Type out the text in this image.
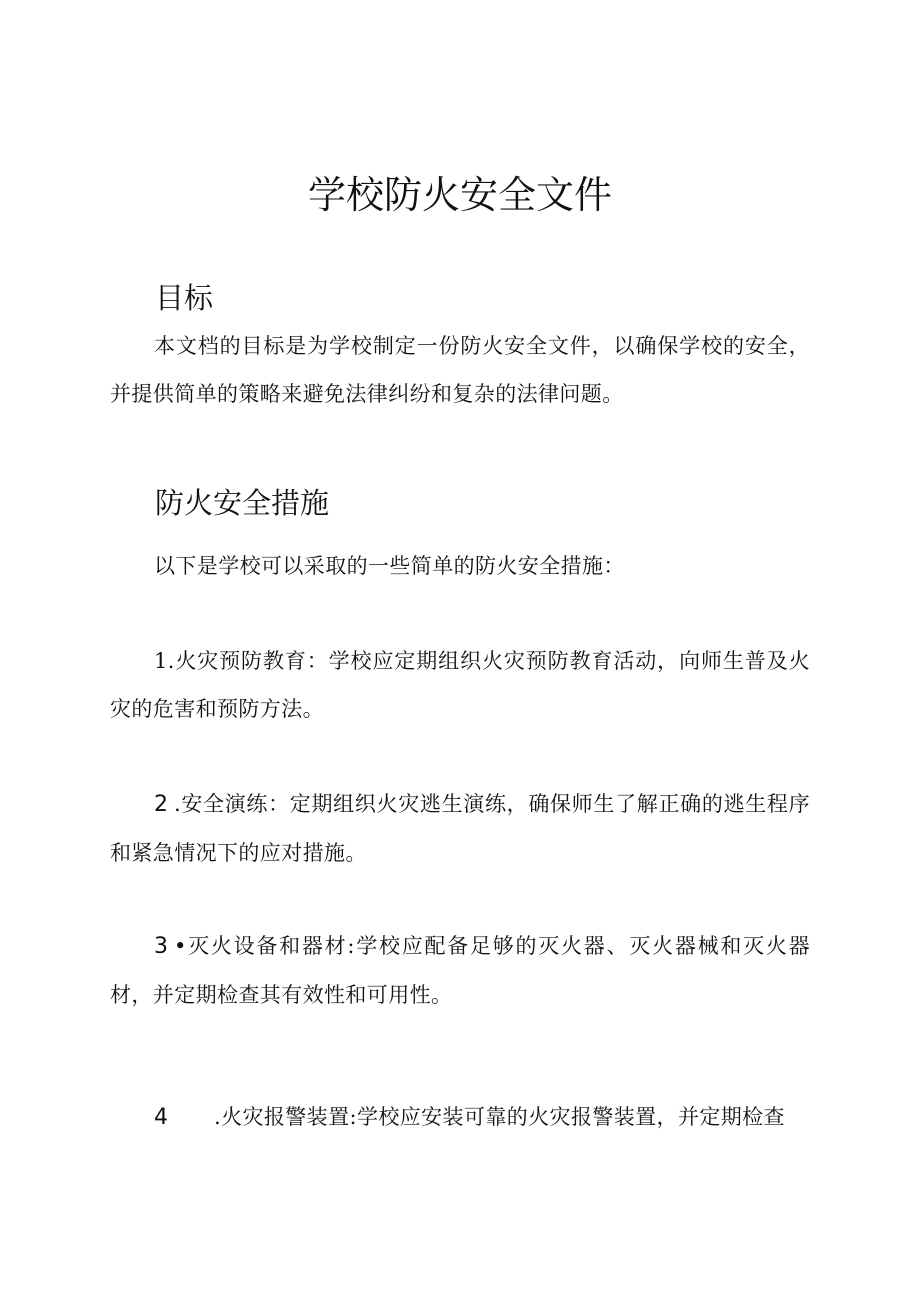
学校防火安全文件
目标
本文档的目标是为学校制定一份防火安全文件，以确保学校的安全，并提供简单的策略来避免法律纠纷和复杂的法律问题。
防火安全措施
以下是学校可以采取的一些简单的防火安全措施：
1.火灾预防教育：学校应定期组织火灾预防教育活动，向师生普及火灾的危害和预防方法。
2 .安全演练：定期组织火灾逃生演练，确保师生了解正确的逃生程序和紧急情况下的应对措施。
3 •灭火设备和器材:学校应配备足够的灭火器、灭火器械和灭火器材，并定期检查其有效性和可用性。
4 .火灾报警装置:学校应安装可靠的火灾报警装置，并定期检查
